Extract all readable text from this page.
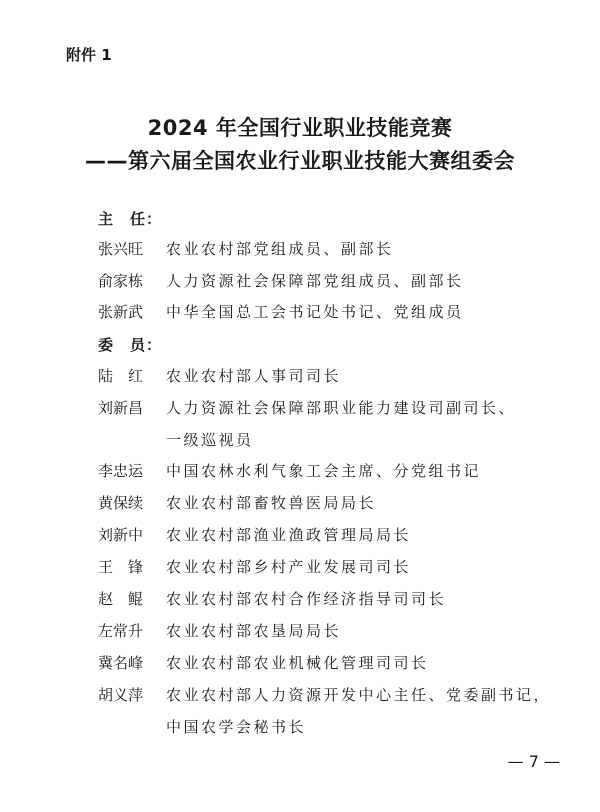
附件 1
2024 年全国行业职业技能竞赛
——第六届全国农业行业职业技能大赛组委会
主　任：
张兴旺 农业农村部党组成员、副部长
俞家栋 人力资源社会保障部党组成员、副部长
张新武 中华全国总工会书记处书记、党组成员
委　员：
陆　红 农业农村部人事司司长
刘新昌 人力资源社会保障部职业能力建设司副司长、
一级巡视员
李忠运 中国农林水利气象工会主席、分党组书记
黄保续 农业农村部畜牧兽医局局长
刘新中 农业农村部渔业渔政管理局局长
王　锋 农业农村部乡村产业发展司司长
赵　鲲 农业农村部农村合作经济指导司司长
左常升 农业农村部农垦局局长
冀名峰 农业农村部农业机械化管理司司长
胡义萍 农业农村部人力资源开发中心主任、党委副书记，
中国农学会秘书长
— 7 —
